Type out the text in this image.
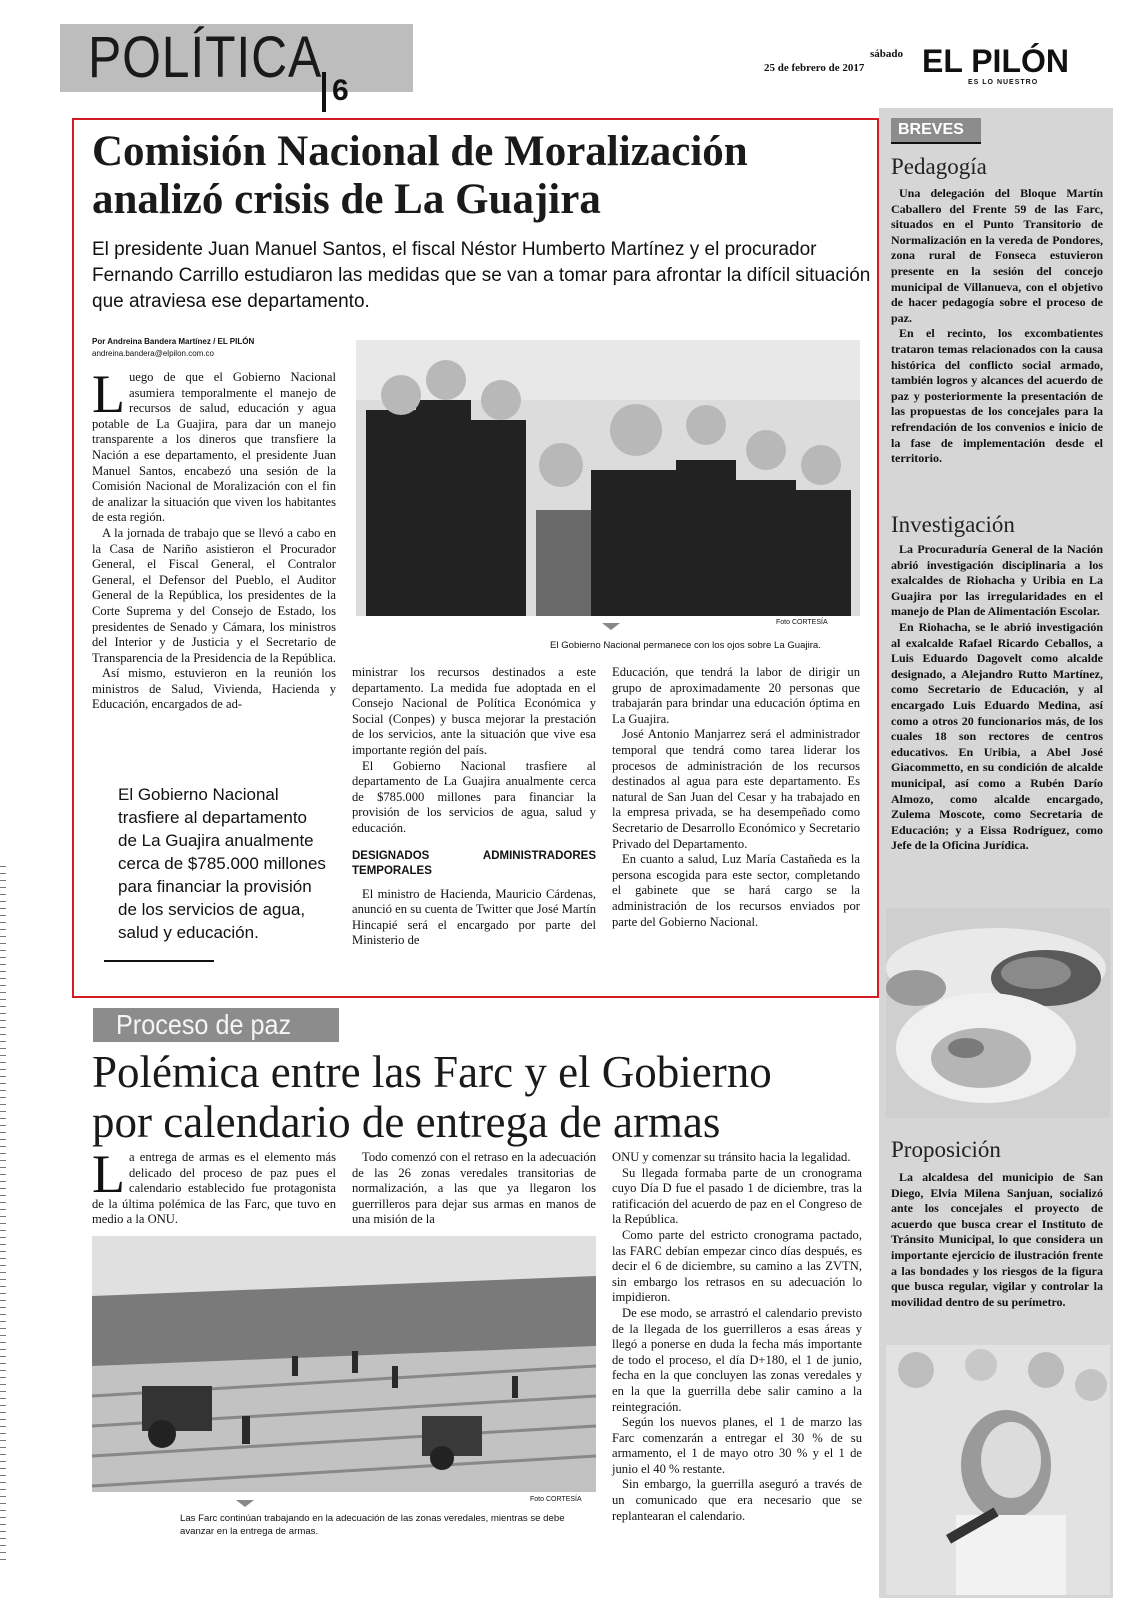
POLÍTICA
6
sábado
25 de febrero de 2017 EL PILÓN
ES LO NUESTRO
BREVES
Pedagogía

Una delegación del Bloque Martín Caballero del Frente 59 de las Farc, situados en el Punto Transitorio de Normalización en la vereda de Pondores, zona rural de Fonseca estuvieron presente en la sesión del concejo municipal de Villanueva, con el objetivo de hacer pedagogía sobre el proceso de paz.

En el recinto, los excombatientes trataron temas relacionados con la causa histórica del conflicto social armado, también logros y alcances del acuerdo de paz y posteriormente la presentación de las propuestas de los concejales para la refrendación de los convenios e inicio de la fase de implementación desde el territorio.

Investigación

La Procuraduría General de la Nación abrió investigación disciplinaria a los exalcaldes de Riohacha y Uribia en La Guajira por las irregularidades en el manejo de Plan de Alimentación Escolar.

En Riohacha, se le abrió investigación al exalcalde Rafael Ricardo Ceballos, a Luis Eduardo Dagovelt como alcalde designado, a Alejandro Rutto Martínez, como Secretario de Educación, y al encargado Luis Eduardo Medina, así como a otros 20 funcionarios más, de los cuales 18 son rectores de centros educativos. En Uribia, a Abel José Giacommetto, en su condición de alcalde municipal, así como a Rubén Darío Almozo, como alcalde encargado, Zulema Moscote, como Secretaria de Educación; y a Eissa Rodríguez, como Jefe de la Oficina Jurídica.

Proposición

La alcaldesa del municipio de San Diego, Elvia Milena Sanjuan, socializó ante los concejales el proyecto de acuerdo que busca crear el Instituto de Tránsito Municipal, lo que considera un importante ejercicio de ilustración frente a las bondades y los riesgos de la figura que busca regular, vigilar y controlar la movilidad dentro de su perímetro.

Comisión Nacional de Moralización
analizó crisis de La Guajira
El presidente Juan Manuel Santos, el fiscal Néstor Humberto Martínez y el procurador Fernando Carrillo estudiaron las medidas que se van a tomar para afrontar la difícil situación que atraviesa ese departamento.
Por Andreina Bandera Martínez / EL PILÓN
andreina.bandera@elpilon.com.co
L uego de que el Gobierno Nacional asumiera temporalmente el manejo de recursos de salud, educación y agua potable de La Guajira, para dar un manejo transparente a los dineros que transfiere la Nación a ese departamento, el presidente Juan Manuel Santos, encabezó una sesión de la Comisión Nacional de Moralización con el fin de analizar la situación que viven los habitantes de esta región.

A la jornada de trabajo que se llevó a cabo en la Casa de Nariño asistieron el Procurador General, el Fiscal General, el Contralor General, el Defensor del Pueblo, el Auditor General de la República, los presidentes de la Corte Suprema y del Consejo de Estado, los presidentes de Senado y Cámara, los ministros del Interior y de Justicia y el Secretario de Transparencia de la Presidencia de la República.

Así mismo, estuvieron en la reunión los ministros de Salud, Vivienda, Hacienda y Educación, encargados de ad-

El Gobierno Nacional trasfiere al departamento de La Guajira anualmente cerca de $785.000 millones para financiar la provisión de los servicios de agua, salud y educación.
Foto CORTESÍA
El Gobierno Nacional permanece con los ojos sobre La Guajira.

ministrar los recursos destinados a este departamento. La medida fue adoptada en el Consejo Nacional de Política Económica y Social (Conpes) y busca mejorar la prestación de los servicios, ante la situación que vive esa importante región del país.

El Gobierno Nacional trasfiere al departamento de La Guajira anualmente cerca de $785.000 millones para financiar la provisión de los servicios de agua, salud y educación.

DESIGNADOS ADMINISTRADORES TEMPORALES

El ministro de Hacienda, Mauricio Cárdenas, anunció en su cuenta de Twitter que José Martín Hincapié será el encargado por parte del Ministerio de

Educación, que tendrá la labor de dirigir un grupo de aproximadamente 20 personas que trabajarán para brindar una educación óptima en La Guajira.

José Antonio Manjarrez será el administrador temporal que tendrá como tarea liderar los procesos de administración de los recursos destinados al agua para este departamento. Es natural de San Juan del Cesar y ha trabajado en la empresa privada, se ha desempeñado como Secretario de Desarrollo Económico y Secretario Privado del Departamento.

En cuanto a salud, Luz María Castañeda es la persona escogida para este sector, completando el gabinete que se hará cargo se la administración de los recursos enviados por parte del Gobierno Nacional.

Proceso de paz
Polémica entre las Farc y el Gobierno
por calendario de entrega de armas
L a entrega de armas es el elemento más delicado del proceso de paz pues el calendario establecido fue protagonista de la última polémica de las Farc, que tuvo en medio a la ONU.

Todo comenzó con el retraso en la adecuación de las 26 zonas veredales transitorias de normalización, a las que ya llegaron los guerrilleros para dejar sus armas en manos de una misión de la

ONU y comenzar su tránsito hacia la legalidad.

Su llegada formaba parte de un cronograma cuyo Día D fue el pasado 1 de diciembre, tras la ratificación del acuerdo de paz en el Congreso de la República.

Como parte del estricto cronograma pactado, las FARC debían empezar cinco días después, es decir el 6 de diciembre, su camino a las ZVTN, sin embargo los retrasos en su adecuación lo impidieron.

De ese modo, se arrastró el calendario previsto de la llegada de los guerrilleros a esas áreas y llegó a ponerse en duda la fecha más importante de todo el proceso, el día D+180, el 1 de junio, fecha en la que concluyen las zonas veredales y en la que la guerrilla debe salir camino a la reintegración.

Según los nuevos planes, el 1 de marzo las Farc comenzarán a entregar el 30 % de su armamento, el 1 de mayo otro 30 % y el 1 de junio el 40 % restante.

Sin embargo, la guerrilla aseguró a través de un comunicado que era necesario que se replantearan el calendario.

Foto CORTESÍA
Las Farc continúan trabajando en la adecuación de las zonas veredales, mientras se debe avanzar en la entrega de armas.
